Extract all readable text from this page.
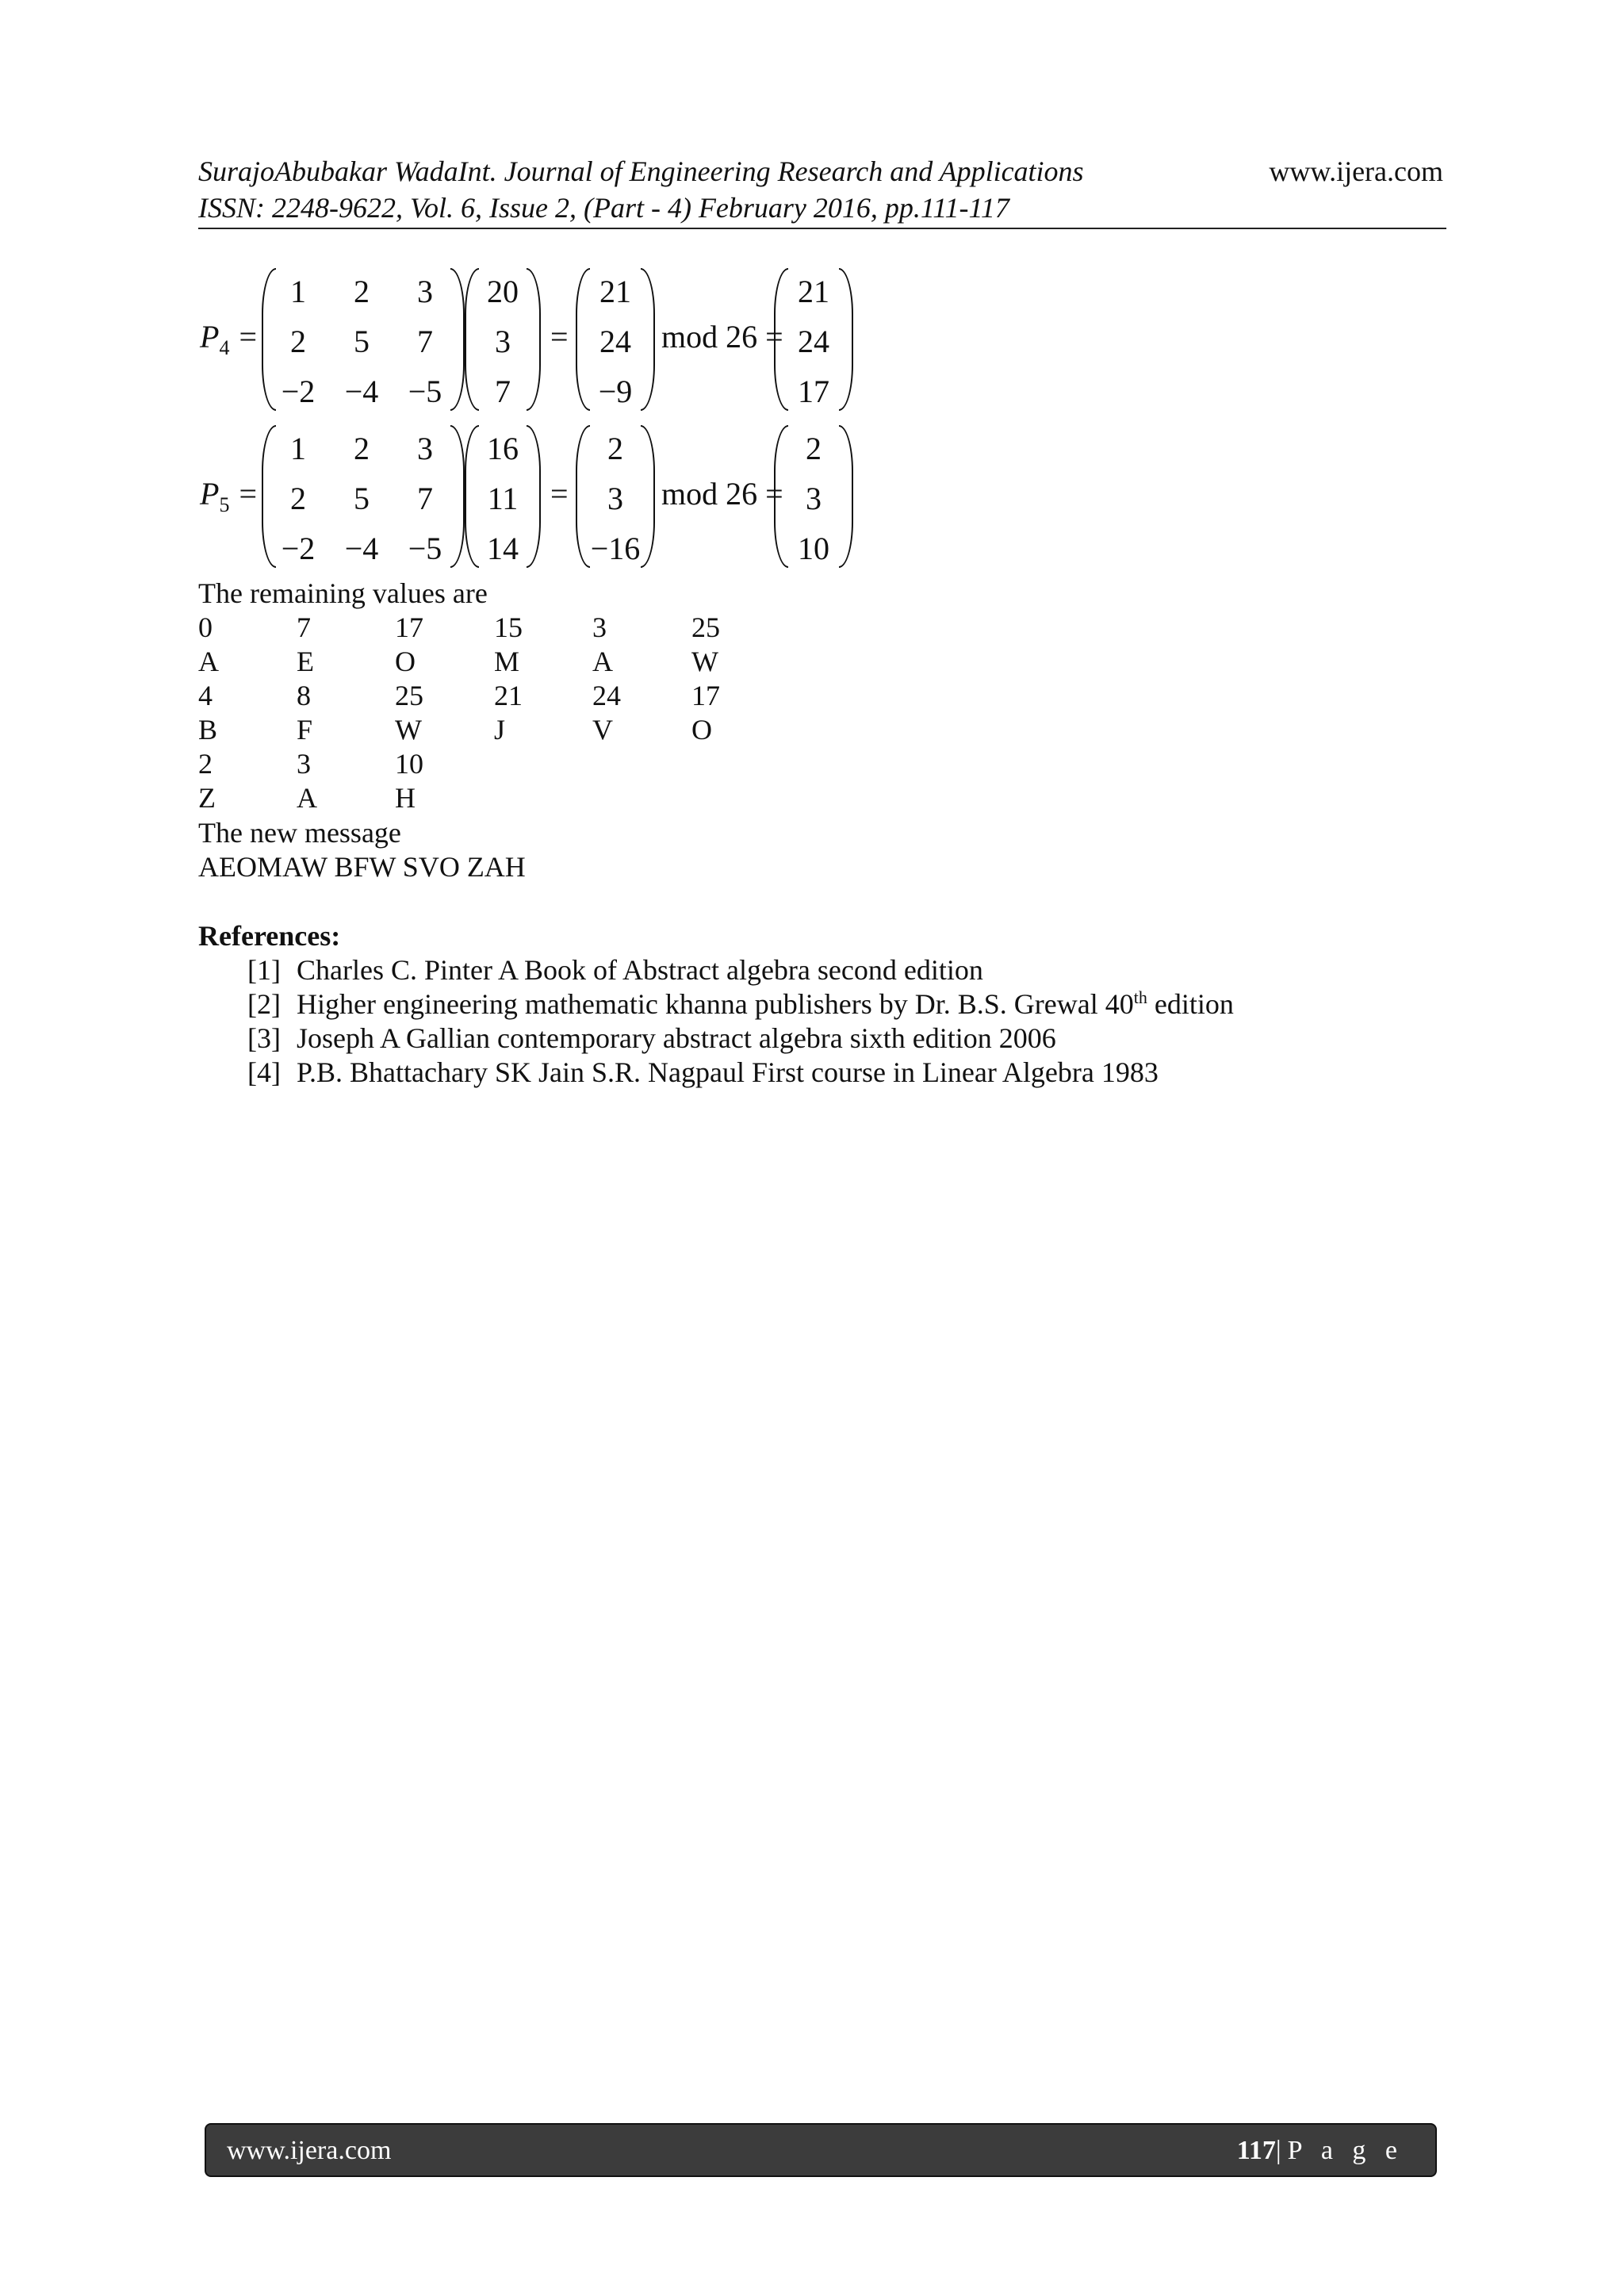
SurajoAbubakar WadaInt. Journal of Engineering Research and Applications
ISSN: 2248-9622, Vol. 6, Issue 2, (Part - 4) February 2016, pp.111-117
www.ijera.com
$P_4$ =
1	2	3
2	5	7
−2 −4 −5
20
3
7
=
21
24
−9
mod 26 =
21
24
17
$P_5$ =
1	2	3
2	5	7
−2 −4 −5
16
11
14
=
2
3
−16
mod 26 =
2
3
10
The remaining values are
0	7	17 15 3	25
A	E	O	M	A	W
4	8	25 21 24 17
B	F	W	J	V	O
2	3	10
Z	A	H
The new message
AEOMAW BFW SVO ZAH
References:
[1] Charles C. Pinter A Book of Abstract algebra second edition
[2] Higher engineering mathematic khanna publishers by Dr. B.S. Grewal 40th edition
[3] Joseph A Gallian contemporary abstract algebra sixth edition 2006
[4] P.B. Bhattachary SK Jain S.R. Nagpaul First course in Linear Algebra 1983
www.ijera.com	117|P a g e
